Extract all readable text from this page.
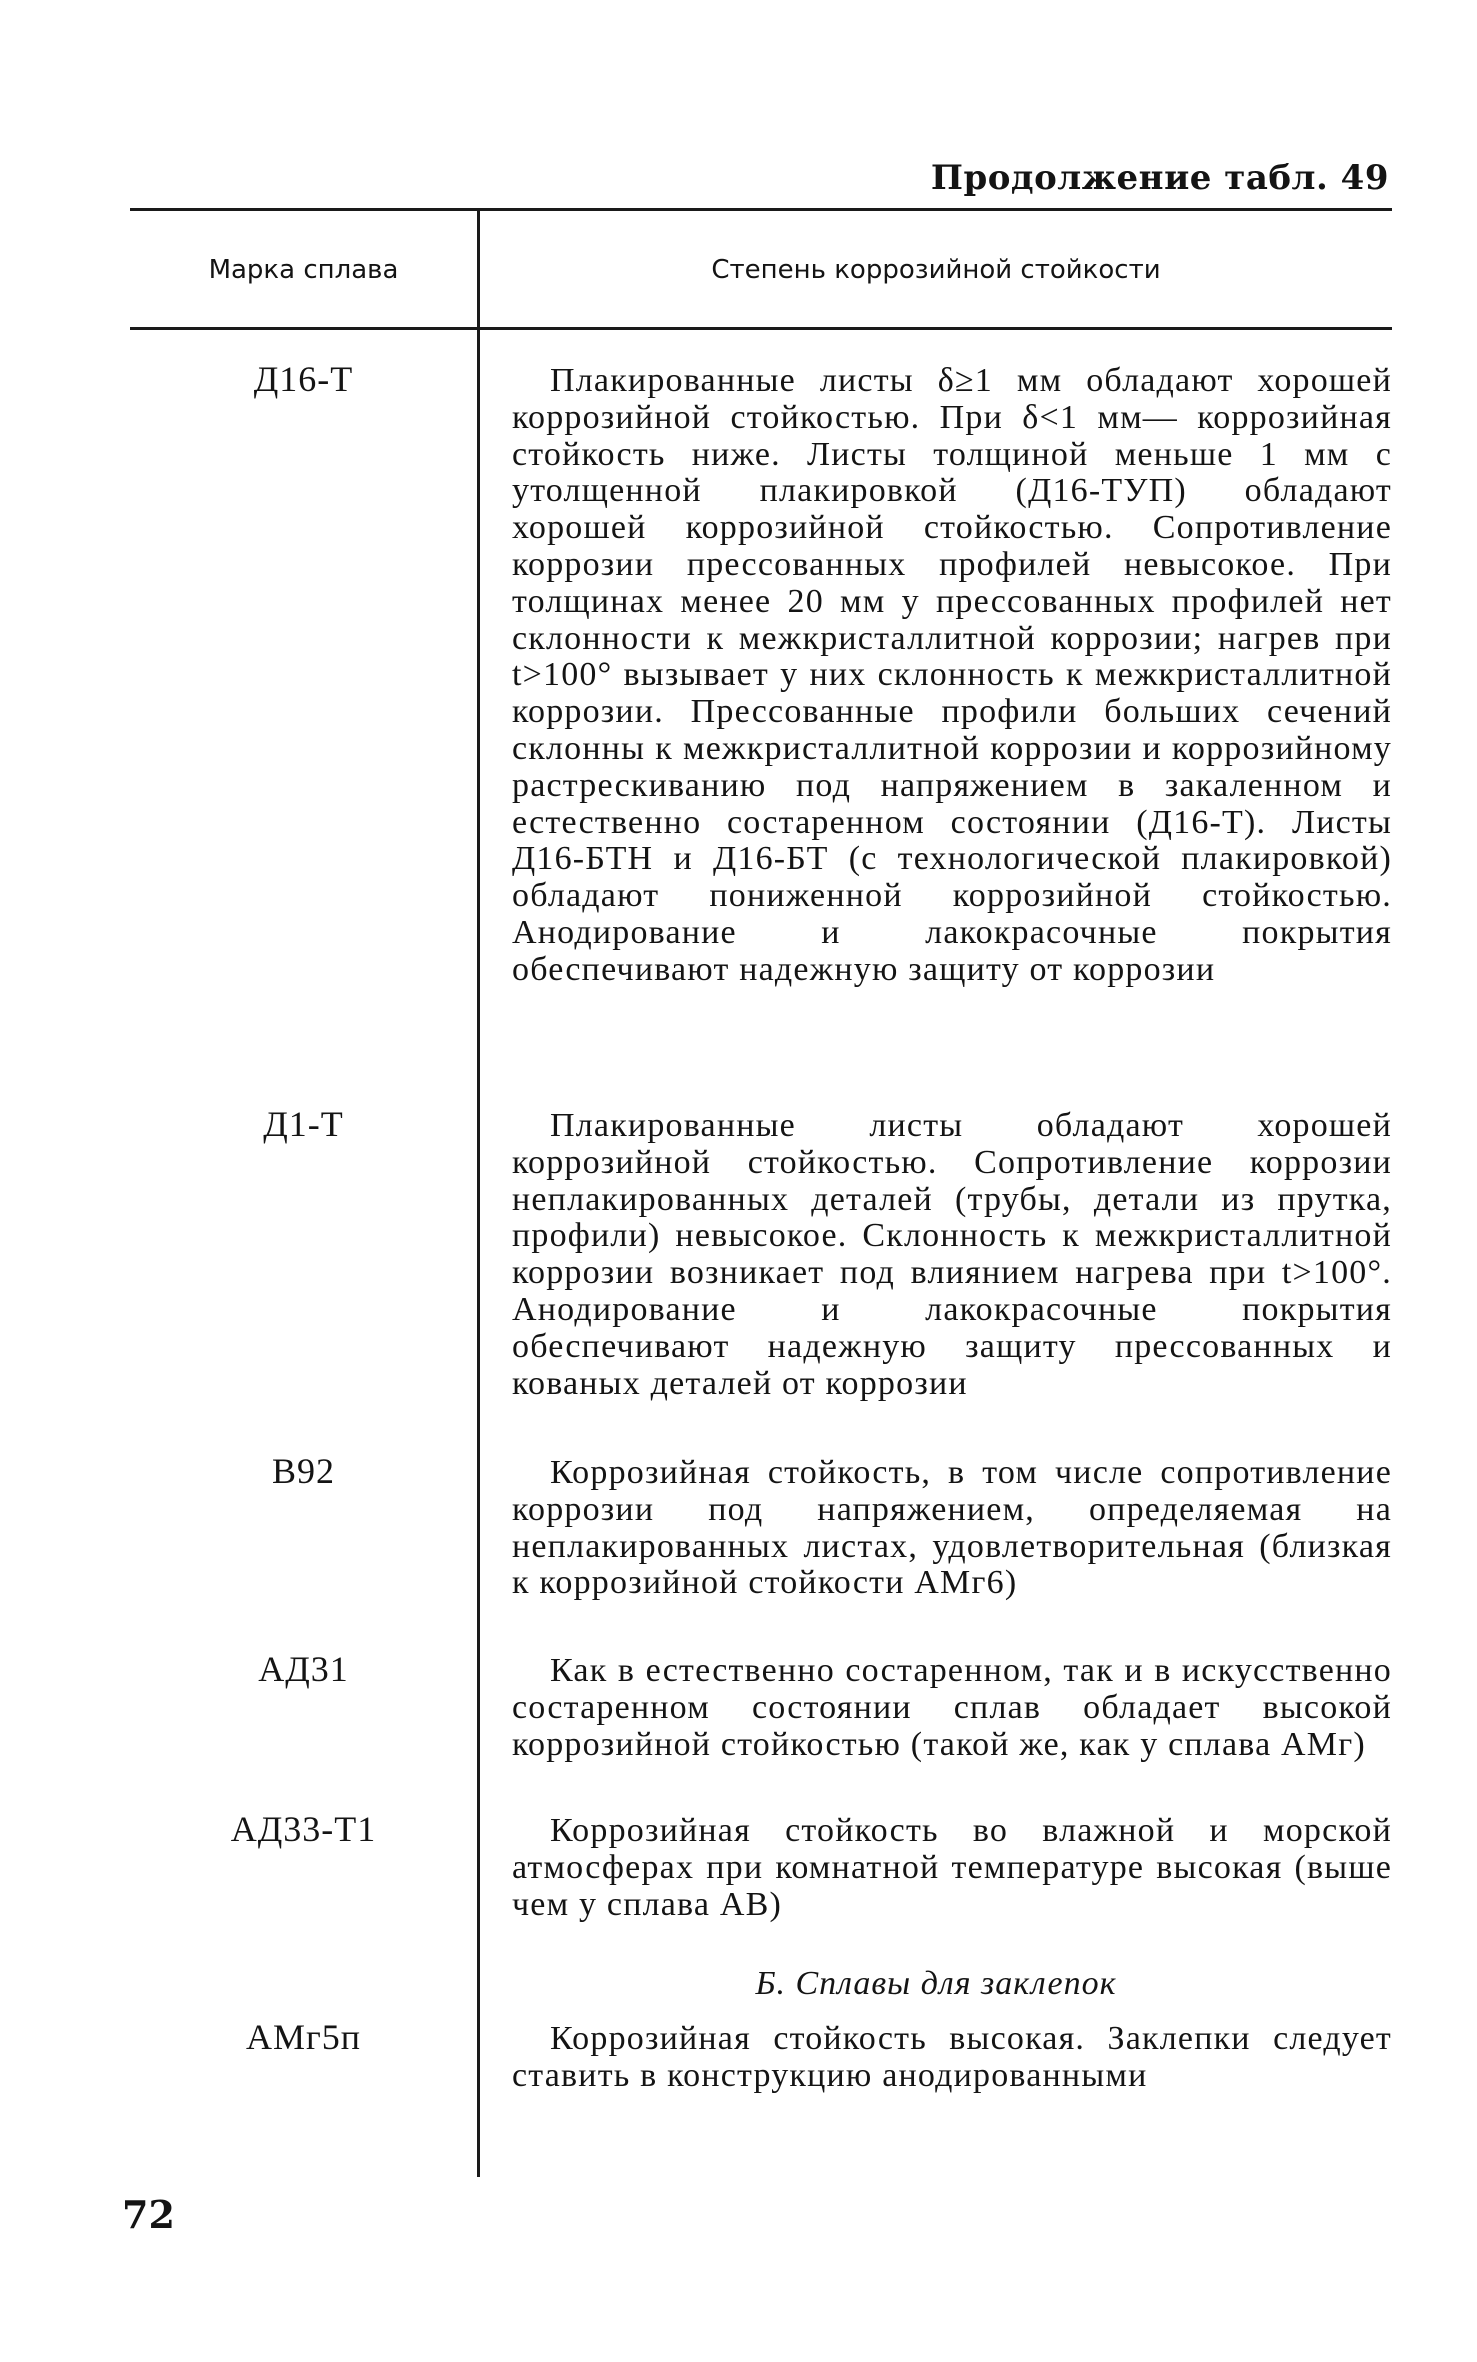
Продолжение табл. 49
Марка сплава	Степень коррозийной стойкости
Д16-Т	Плакированные листы δ≥1 мм обладают хорошей коррозийной стойкостью. При δ<1 мм— коррозийная стойкость ниже. Листы толщиной меньше 1 мм с утолщенной плакировкой (Д16-ТУП) обладают хорошей коррозийной стойкостью. Сопротивление коррозии прессованных профилей невысокое. При толщинах менее 20 мм у прессованных профилей нет склонности к межкристаллитной коррозии; нагрев при t>100° вызывает у них склонность к межкристаллитной коррозии. Прессованные профили больших сечений склонны к межкристаллитной коррозии и коррозийному растрескиванию под напряжением в закаленном и естественно состаренном состоянии (Д16-Т). Листы Д16-БТН и Д16-БТ (с технологической плакировкой) обладают пониженной коррозийной стойкостью. Анодирование и лакокрасочные покрытия обеспечивают надежную защиту от коррозии
Д1-Т	Плакированные листы обладают хорошей коррозийной стойкостью. Сопротивление коррозии неплакированных деталей (трубы, детали из прутка, профили) невысокое. Склонность к межкристаллитной коррозии возникает под влиянием нагрева при t>100°. Анодирование и лакокрасочные покрытия обеспечивают надежную защиту прессованных и кованых деталей от коррозии
В92	Коррозийная стойкость, в том числе сопротивление коррозии под напряжением, определяемая на неплакированных листах, удовлетворительная (близкая к коррозийной стойкости АМг6)
АД31	Как в естественно состаренном, так и в искусственно состаренном состоянии сплав обладает высокой коррозийной стойкостью (такой же, как у сплава АМг)
АД33-Т1	Коррозийная стойкость во влажной и морской атмосферах при комнатной температуре высокая (выше чем у сплава АВ)
Б. Сплавы для заклепок
АМг5п	Коррозийная стойкость высокая. Заклепки следует ставить в конструкцию анодированными
72
